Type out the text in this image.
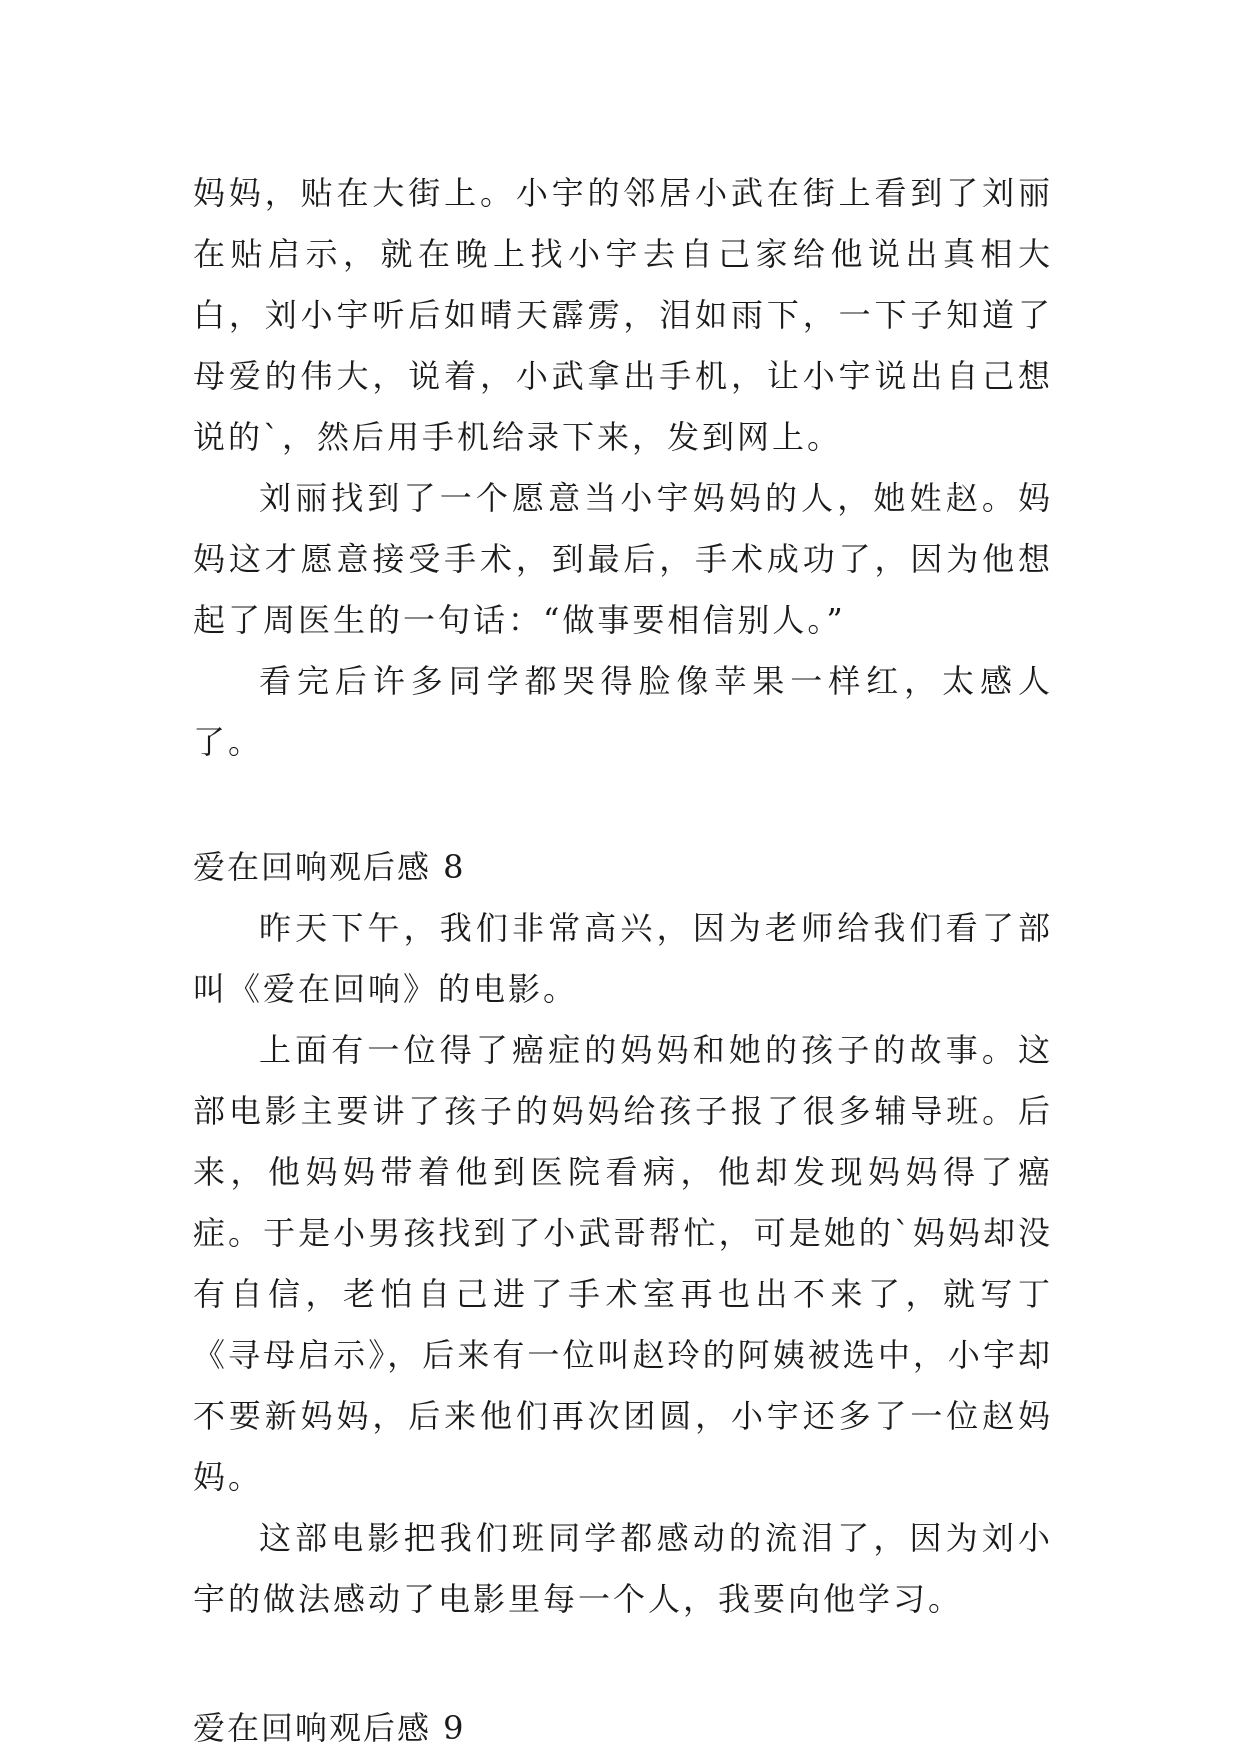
妈妈，贴在大街上。小宇的邻居小武在街上看到了刘丽在贴启示，就在晚上找小宇去自己家给他说出真相大白，刘小宇听后如晴天霹雳，泪如雨下，一下子知道了母爱的伟大，说着，小武拿出手机，让小宇说出自己想说的`，然后用手机给录下来，发到网上。

刘丽找到了一个愿意当小宇妈妈的人，她姓赵。妈妈这才愿意接受手术，到最后，手术成功了，因为他想起了周医生的一句话：“做事要相信别人。”

看完后许多同学都哭得脸像苹果一样红，太感人了。

爱在回响观后感 8

昨天下午，我们非常高兴，因为老师给我们看了部叫《爱在回响》的电影。

上面有一位得了癌症的妈妈和她的孩子的故事。这部电影主要讲了孩子的妈妈给孩子报了很多辅导班。后来，他妈妈带着他到医院看病，他却发现妈妈得了癌症。于是小男孩找到了小武哥帮忙，可是她的`妈妈却没有自信，老怕自己进了手术室再也出不来了，就写丁《寻母启示》，后来有一位叫赵玲的阿姨被选中，小宇却不要新妈妈，后来他们再次团圆，小宇还多了一位赵妈妈。

这部电影把我们班同学都感动的流泪了，因为刘小宇的做法感动了电影里每一个人，我要向他学习。

爱在回响观后感 9
